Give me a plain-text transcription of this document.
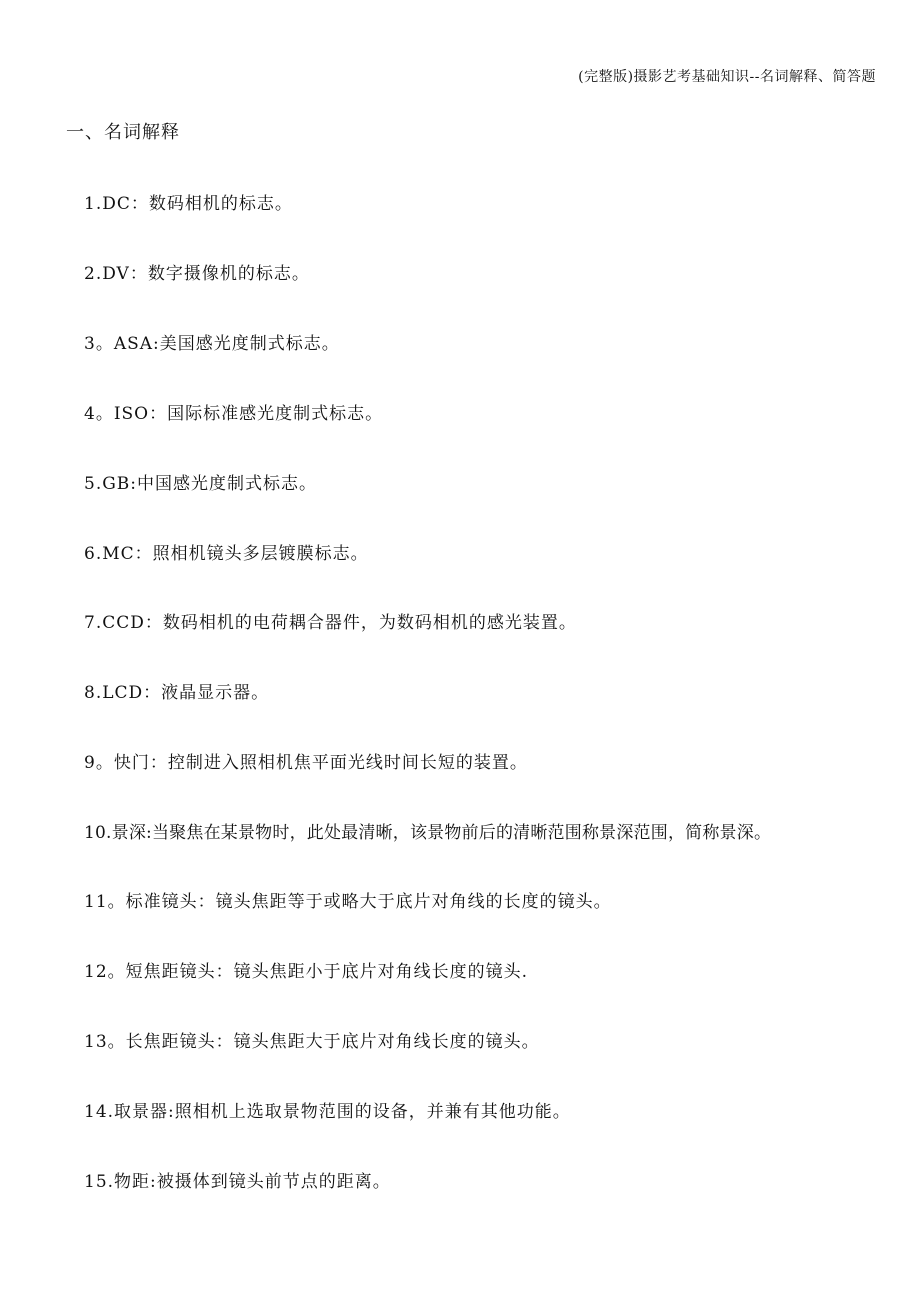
(完整版)摄影艺考基础知识--名词解释、简答题
一、名词解释
1.DC：数码相机的标志。
2.DV：数字摄像机的标志。
3。ASA:美国感光度制式标志。
4。ISO：国际标准感光度制式标志。
5.GB:中国感光度制式标志。
6.MC：照相机镜头多层镀膜标志。
7.CCD：数码相机的电荷耦合器件，为数码相机的感光装置。
8.LCD：液晶显示器。
9。快门：控制进入照相机焦平面光线时间长短的装置。
10.景深:当聚焦在某景物时，此处最清晰，该景物前后的清晰范围称景深范围，简称景深。
11。标准镜头：镜头焦距等于或略大于底片对角线的长度的镜头。
12。短焦距镜头：镜头焦距小于底片对角线长度的镜头.
13。长焦距镜头：镜头焦距大于底片对角线长度的镜头。
14.取景器:照相机上选取景物范围的设备，并兼有其他功能。
15.物距:被摄体到镜头前节点的距离。
